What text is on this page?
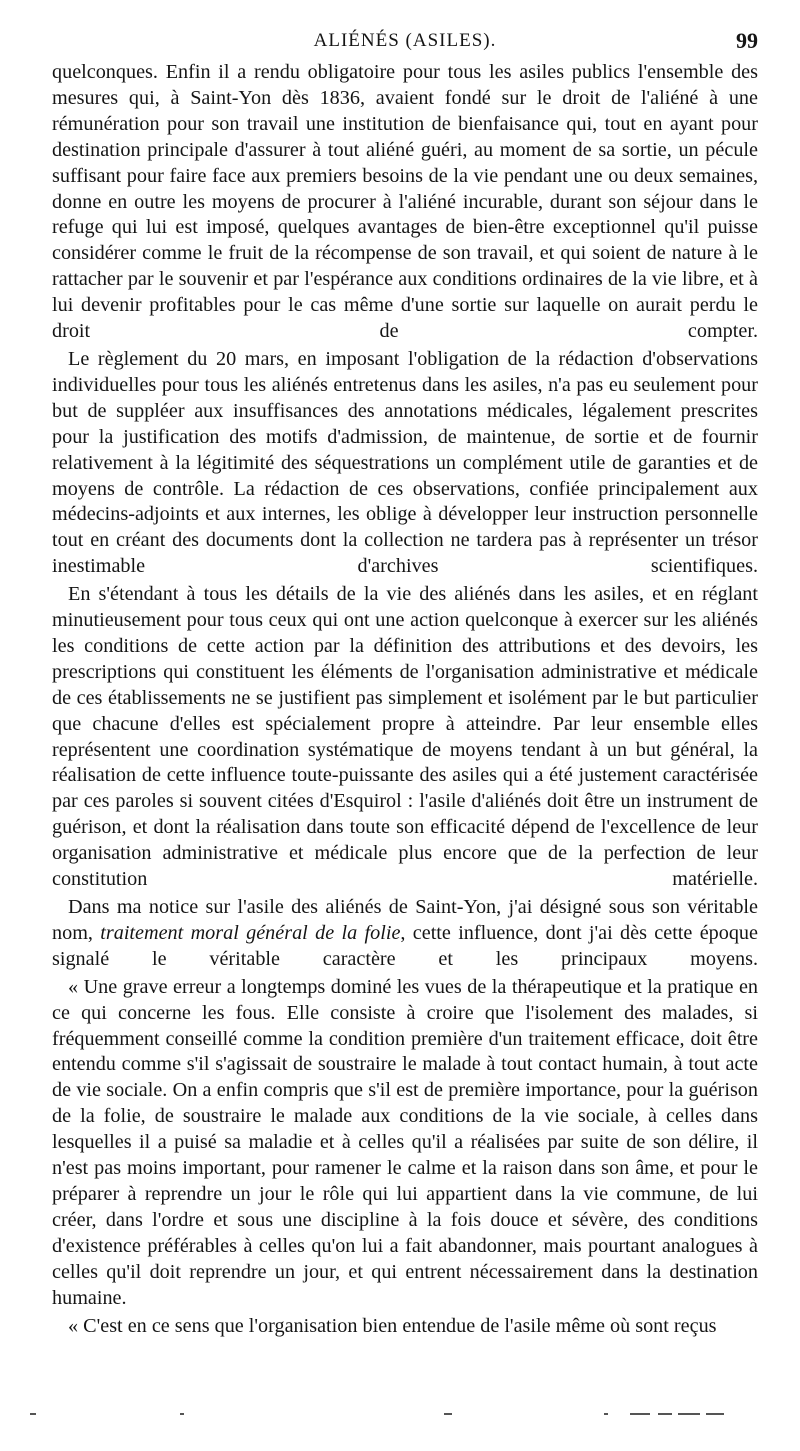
ALIÉNÉS (ASILES).	99

quelconques. Enfin il a rendu obligatoire pour tous les asiles publics l'ensemble des mesures qui, à Saint-Yon dès 1836, avaient fondé sur le droit de l'aliéné à une rémunération pour son travail une institution de bienfaisance qui, tout en ayant pour destination principale d'assurer à tout aliéné guéri, au moment de sa sortie, un pécule suffisant pour faire face aux premiers besoins de la vie pendant une ou deux semaines, donne en outre les moyens de procurer à l'aliéné incurable, durant son séjour dans le refuge qui lui est imposé, quelques avantages de bien-être exceptionnel qu'il puisse considérer comme le fruit de la récompense de son travail, et qui soient de nature à le rattacher par le souvenir et par l'espérance aux conditions ordinaires de la vie libre, et à lui devenir profitables pour le cas même d'une sortie sur laquelle on aurait perdu le droit de compter.

Le règlement du 20 mars, en imposant l'obligation de la rédaction d'observations individuelles pour tous les aliénés entretenus dans les asiles, n'a pas eu seulement pour but de suppléer aux insuffisances des annotations médicales, légalement prescrites pour la justification des motifs d'admission, de maintenue, de sortie et de fournir relativement à la légitimité des séquestrations un complément utile de garanties et de moyens de contrôle. La rédaction de ces observations, confiée principalement aux médecins-adjoints et aux internes, les oblige à développer leur instruction personnelle tout en créant des documents dont la collection ne tardera pas à représenter un trésor inestimable d'archives scientifiques.

En s'étendant à tous les détails de la vie des aliénés dans les asiles, et en réglant minutieusement pour tous ceux qui ont une action quelconque à exercer sur les aliénés les conditions de cette action par la définition des attributions et des devoirs, les prescriptions qui constituent les éléments de l'organisation administrative et médicale de ces établissements ne se justifient pas simplement et isolément par le but particulier que chacune d'elles est spécialement propre à atteindre. Par leur ensemble elles représentent une coordination systématique de moyens tendant à un but général, la réalisation de cette influence toute-puissante des asiles qui a été justement caractérisée par ces paroles si souvent citées d'Esquirol : l'asile d'aliénés doit être un instrument de guérison, et dont la réalisation dans toute son efficacité dépend de l'excellence de leur organisation administrative et médicale plus encore que de la perfection de leur constitution matérielle.

Dans ma notice sur l'asile des aliénés de Saint-Yon, j'ai désigné sous son véritable nom, traitement moral général de la folie, cette influence, dont j'ai dès cette époque signalé le véritable caractère et les principaux moyens.

« Une grave erreur a longtemps dominé les vues de la thérapeutique et la pratique en ce qui concerne les fous. Elle consiste à croire que l'isolement des malades, si fréquemment conseillé comme la condition première d'un traitement efficace, doit être entendu comme s'il s'agissait de soustraire le malade à tout contact humain, à tout acte de vie sociale. On a enfin compris que s'il est de première importance, pour la guérison de la folie, de soustraire le malade aux conditions de la vie sociale, à celles dans lesquelles il a puisé sa maladie et à celles qu'il a réalisées par suite de son délire, il n'est pas moins important, pour ramener le calme et la raison dans son âme, et pour le préparer à reprendre un jour le rôle qui lui appartient dans la vie commune, de lui créer, dans l'ordre et sous une discipline à la fois douce et sévère, des conditions d'existence préférables à celles qu'on lui a fait abandonner, mais pourtant analogues à celles qu'il doit reprendre un jour, et qui entrent nécessairement dans la destination humaine.

« C'est en ce sens que l'organisation bien entendue de l'asile même où sont reçus
